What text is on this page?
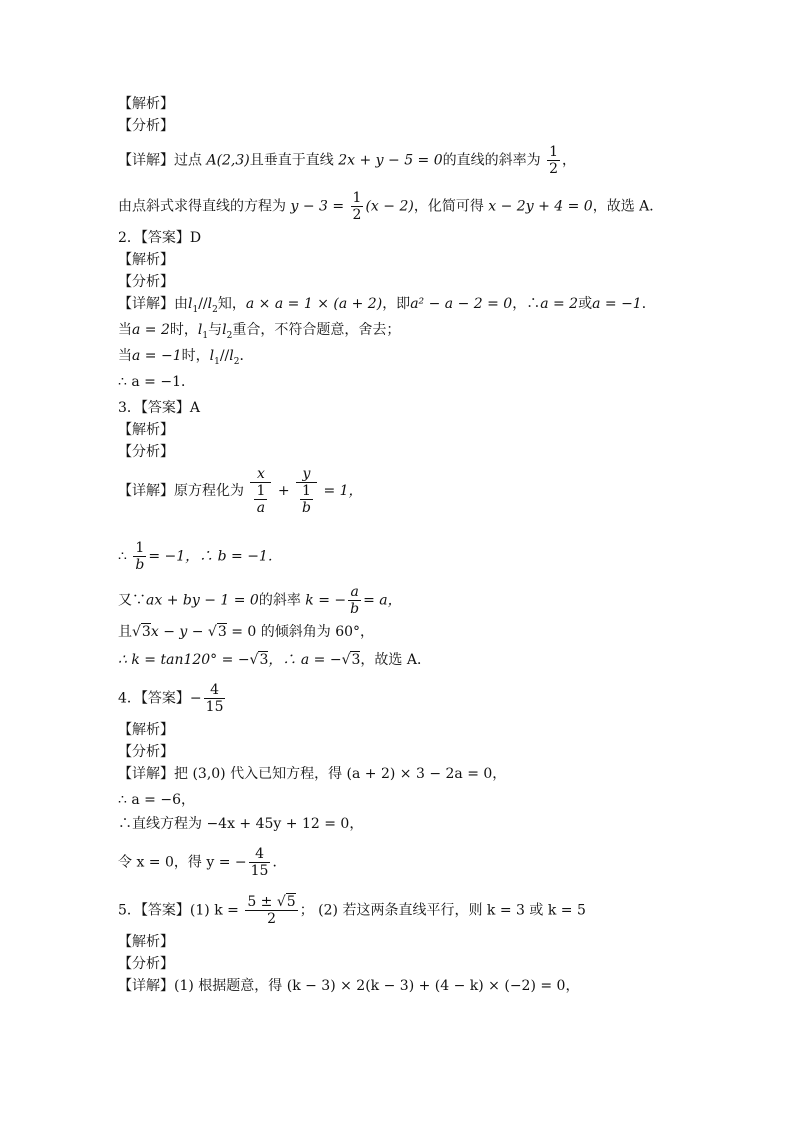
【解析】
【分析】
【详解】过点 A(2,3)且垂直于直线 2x + y − 5 = 0的直线的斜率为 $\frac{1}{2}$ ，
由点斜式求得直线的方程为 $y - 3 = \frac{1}{2} (x - 2)$，化简可得 x − 2y + 4 = 0，故选 A．
2．【答案】D
【解析】
【分析】
【详解】由$l_1//l_2$知，a × a = 1 × (a + 2)，即a² − a − 2 = 0，∴a = 2或a = −1．
当a = 2时，$l_1$与$l_2$重合，不符合题意，舍去；
当a = −1时，$l_1//l_2$．
∴ a = −1．
3．【答案】A
【解析】
【分析】
【详解】原方程化为 $\frac{x}{\frac{1}{a}} + \frac{y}{\frac{1}{b}} = 1$，
∴ $\frac{1}{b} = -1$，∴ b = −1．
又∵ax + by − 1 = 0的斜率 k = − $\frac{a}{b} = a$，
且√3x − y − √3 = 0 的倾斜角为 60°，
∴ k = tan120° = −√3，∴ a = −√3，故选 A．
4．【答案】− $\frac{4}{15}$
【解析】
【分析】
【详解】把 (3,0) 代入已知方程，得 (a + 2) × 3 − 2a = 0，
∴ a = −6，
∴直线方程为 −4x + 45y + 12 = 0，
令 x = 0，得 y = − $\frac{4}{15}$ ．
5．【答案】(1) $k = \frac{5 \pm √5}{2}$ ； (2) 若这两条直线平行，则 k = 3 或 k = 5
【解析】
【分析】
【详解】(1) 根据题意，得 (k − 3) × 2(k − 3) + (4 − k) × (−2) = 0，
